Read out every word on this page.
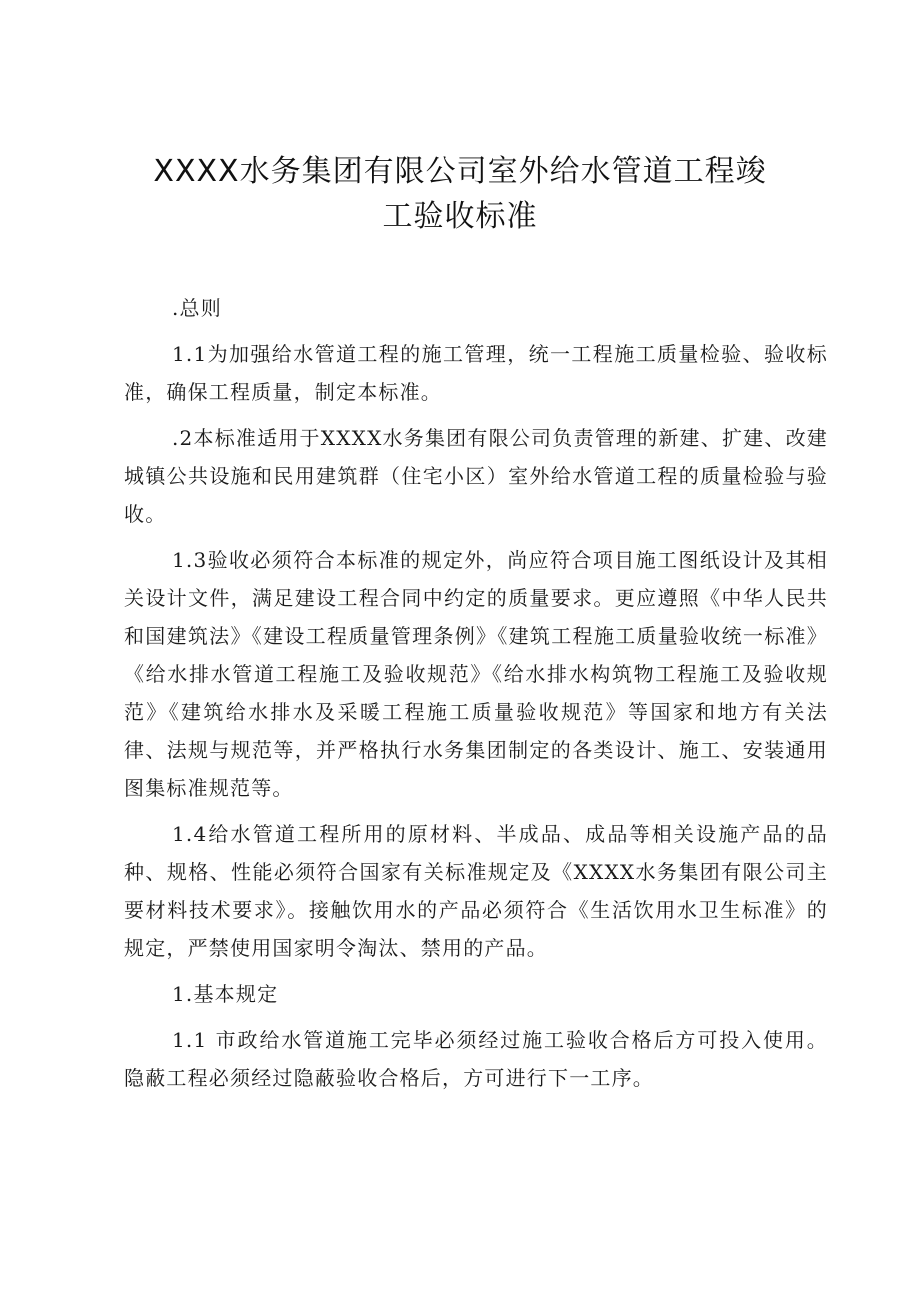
XXXX水务集团有限公司室外给水管道工程竣
工验收标准

.总则

1.1为加强给水管道工程的施工管理，统一工程施工质量检验、验收标准，确保工程质量，制定本标准。

.2本标准适用于XXXX水务集团有限公司负责管理的新建、扩建、改建城镇公共设施和民用建筑群（住宅小区）室外给水管道工程的质量检验与验收。

1.3验收必须符合本标准的规定外，尚应符合项目施工图纸设计及其相关设计文件，满足建设工程合同中约定的质量要求。更应遵照《中华人民共和国建筑法》《建设工程质量管理条例》《建筑工程施工质量验收统一标准》《给水排水管道工程施工及验收规范》《给水排水构筑物工程施工及验收规范》《建筑给水排水及采暖工程施工质量验收规范》等国家和地方有关法律、法规与规范等，并严格执行水务集团制定的各类设计、施工、安装通用图集标准规范等。

1.4给水管道工程所用的原材料、半成品、成品等相关设施产品的品种、规格、性能必须符合国家有关标准规定及《XXXX水务集团有限公司主要材料技术要求》。接触饮用水的产品必须符合《生活饮用水卫生标准》的规定，严禁使用国家明令淘汰、禁用的产品。

1.基本规定

1.1 市政给水管道施工完毕必须经过施工验收合格后方可投入使用。隐蔽工程必须经过隐蔽验收合格后，方可进行下一工序。
